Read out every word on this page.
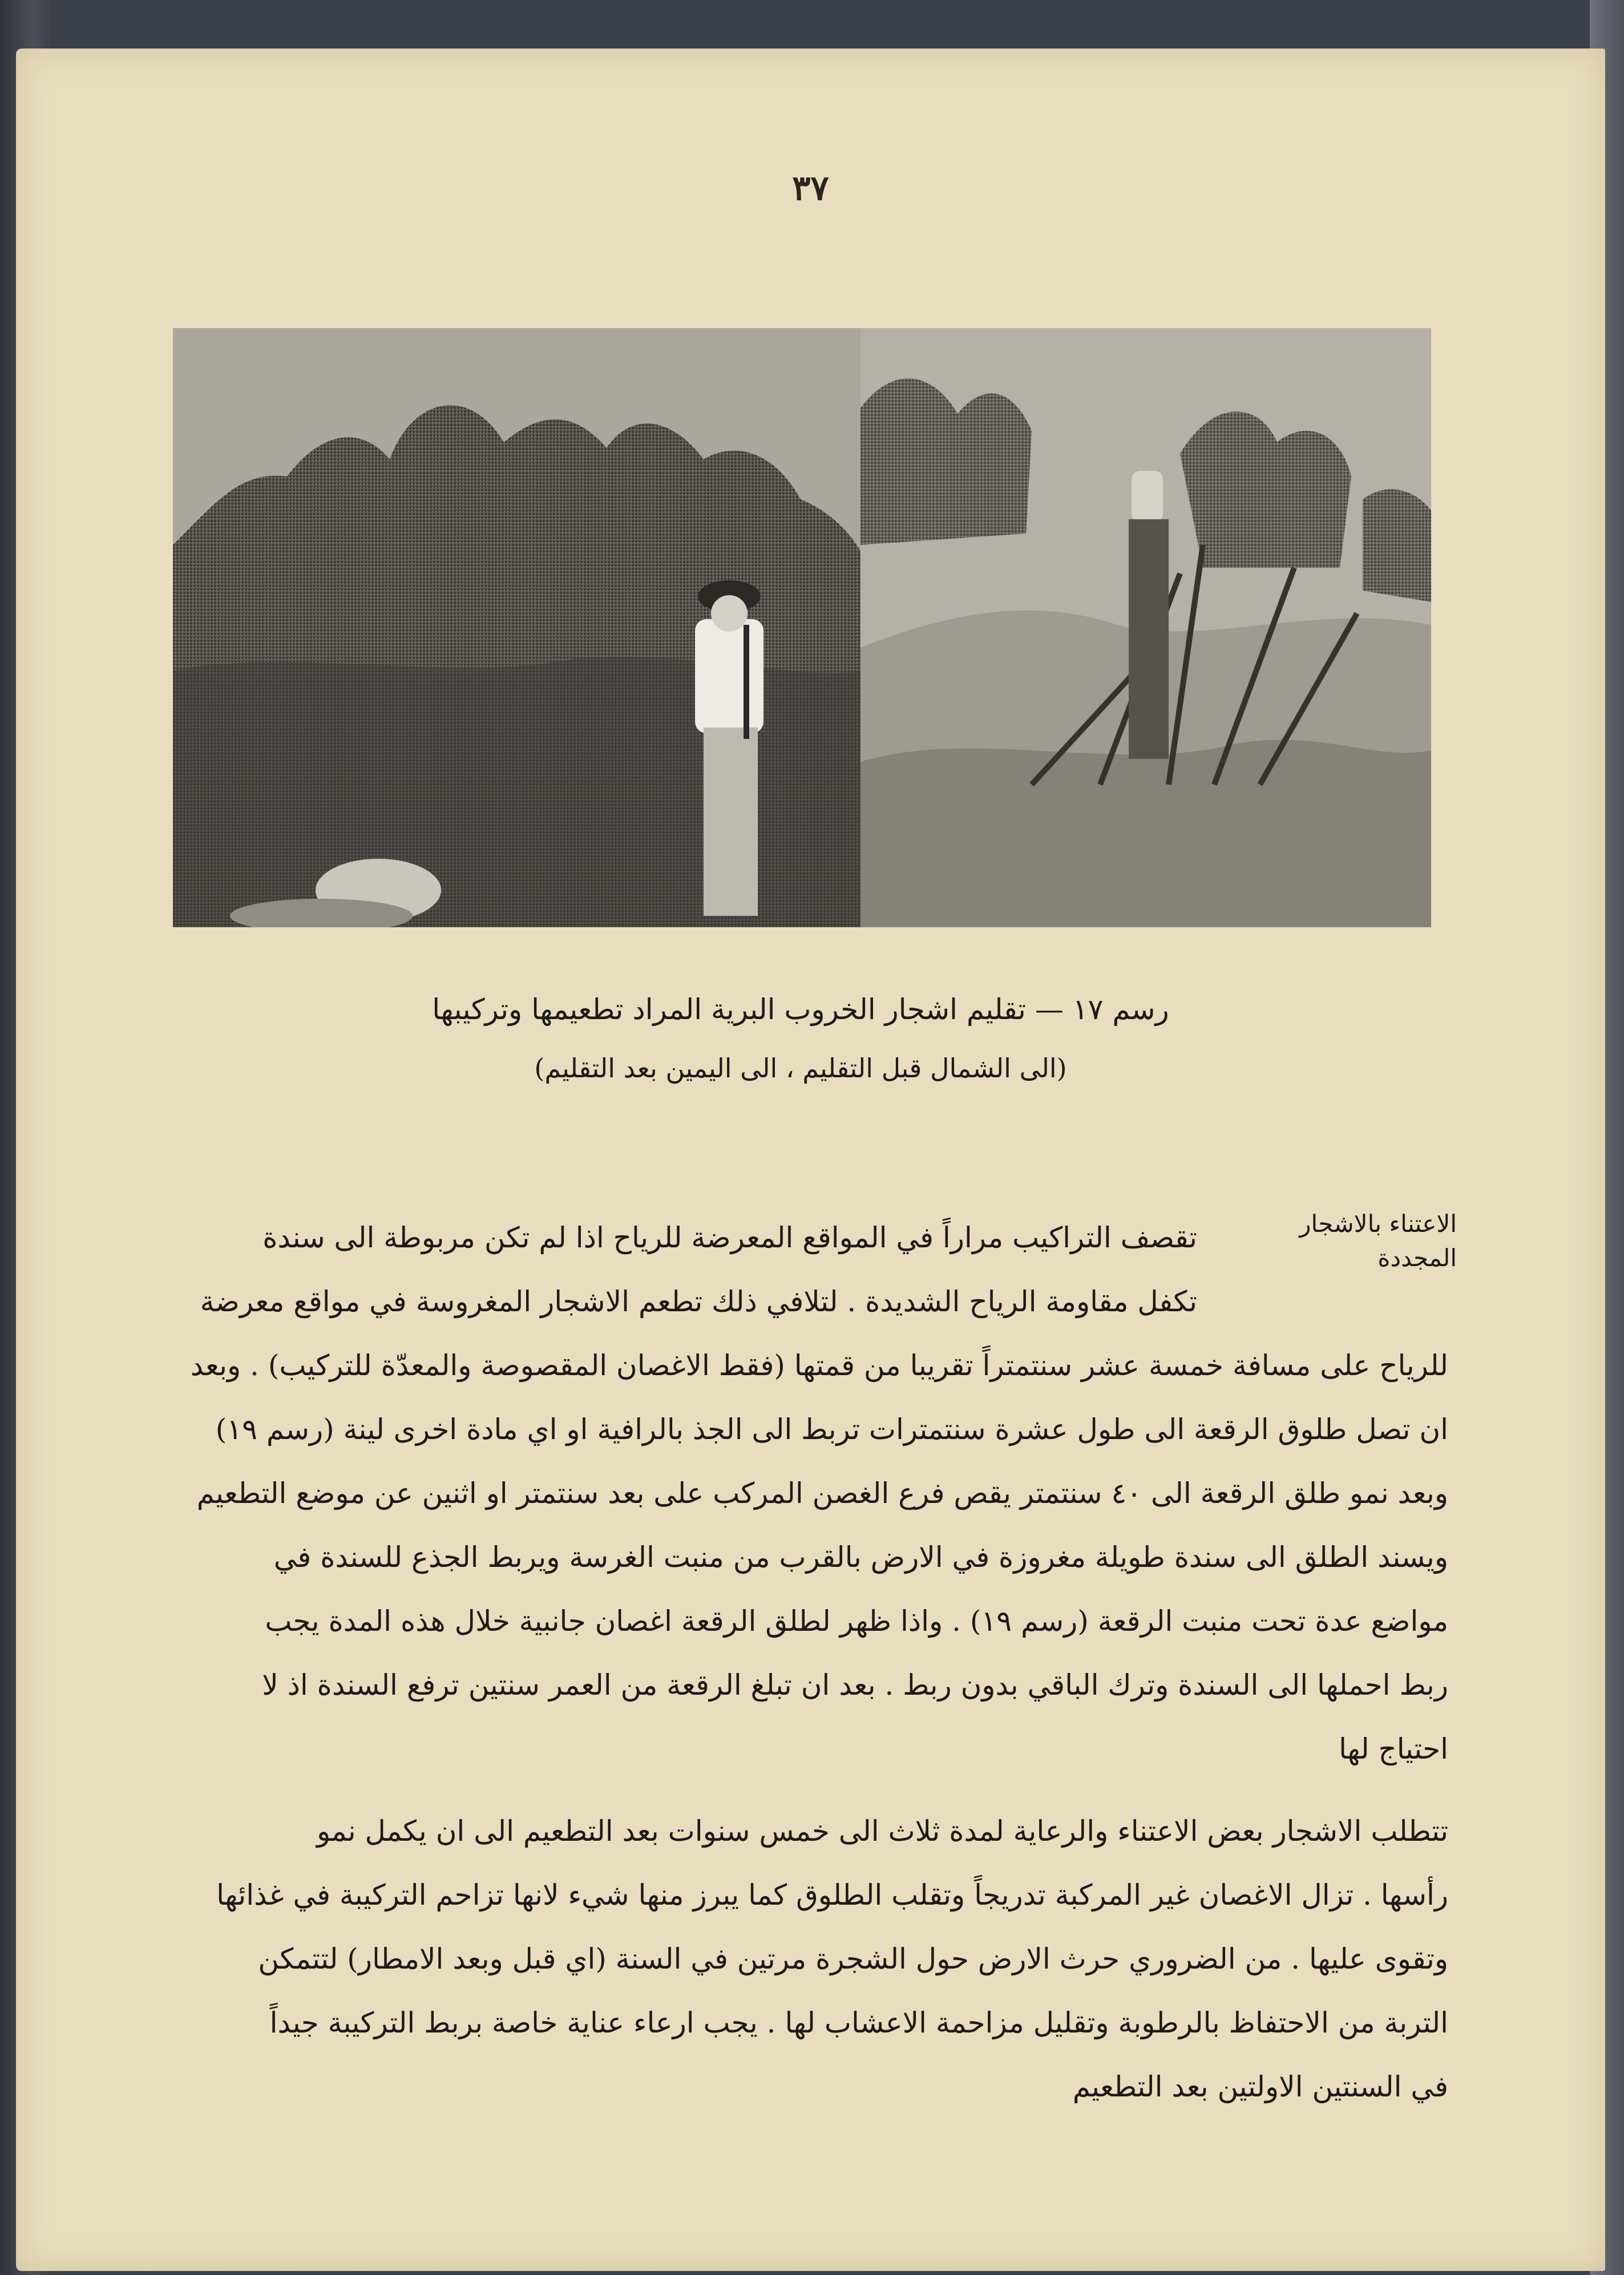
٣٧
رسم ١٧ — تقليم اشجار الخروب البرية المراد تطعيمها وتركيبها
(الى الشمال قبل التقليم ، الى اليمين بعد التقليم)
الاعتناء بالاشجار
المجددة
تقصف التراكيب مراراً في المواقع المعرضة للرياح اذا لم تكن مربوطة الى سندة
تكفل مقاومة الرياح الشديدة . لتلافي ذلك تطعم الاشجار المغروسة في مواقع معرضة
للرياح على مسافة خمسة عشر سنتمتراً تقريبا من قمتها (فقط الاغصان المقصوصة والمعدّة للتركيب) . وبعد
ان تصل طلوق الرقعة الى طول عشرة سنتمترات تربط الى الجذ بالرافية او اي مادة اخرى لينة (رسم ١٩)
وبعد نمو طلق الرقعة الى ٤٠ سنتمتر يقص فرع الغصن المركب على بعد سنتمتر او اثنين عن موضع التطعيم
ويسند الطلق الى سندة طويلة مغروزة في الارض بالقرب من منبت الغرسة ويربط الجذع للسندة في
مواضع عدة تحت منبت الرقعة (رسم ١٩) . واذا ظهر لطلق الرقعة اغصان جانبية خلال هذه المدة يجب
ربط احملها الى السندة وترك الباقي بدون ربط . بعد ان تبلغ الرقعة من العمر سنتين ترفع السندة اذ لا
احتياج لها
تتطلب الاشجار بعض الاعتناء والرعاية لمدة ثلاث الى خمس سنوات بعد التطعيم الى ان يكمل نمو
رأسها . تزال الاغصان غير المركبة تدريجاً وتقلب الطلوق كما يبرز منها شيء لانها تزاحم التركيبة في غذائها
وتقوى عليها . من الضروري حرث الارض حول الشجرة مرتين في السنة (اي قبل وبعد الامطار) لتتمكن
التربة من الاحتفاظ بالرطوبة وتقليل مزاحمة الاعشاب لها . يجب ارعاء عناية خاصة بربط التركيبة جيداً
في السنتين الاولتين بعد التطعيم
